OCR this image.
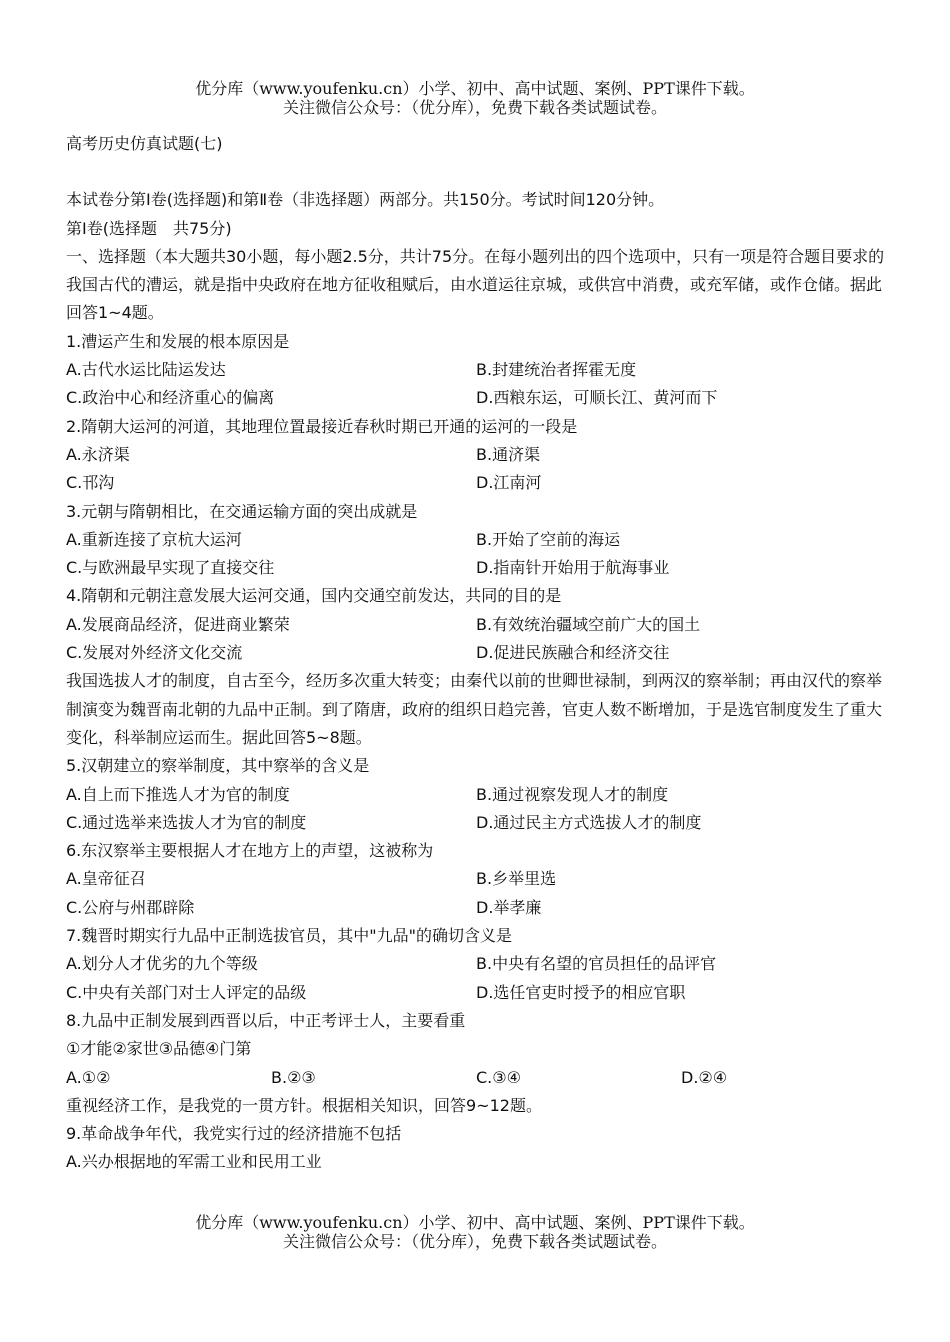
优分库（www.youfenku.cn）小学、初中、高中试题、案例、PPT课件下载。
关注微信公众号：（优分库），免费下载各类试题试卷。
高考历史仿真试题(七)
本试卷分第Ⅰ卷(选择题)和第Ⅱ卷（非选择题）两部分。共150分。考试时间120分钟。
第Ⅰ卷(选择题　共75分)
一、选择题（本大题共30小题，每小题2.5分，共计75分。在每小题列出的四个选项中，只有一项是符合题目要求的
我国古代的漕运，就是指中央政府在地方征收租赋后，由水道运往京城，或供宫中消费，或充军储，或作仓储。据此回答1~4题。
1.漕运产生和发展的根本原因是
A.古代水运比陆运发达	B.封建统治者挥霍无度
C.政治中心和经济重心的偏离	D.西粮东运，可顺长江、黄河而下
2.隋朝大运河的河道，其地理位置最接近春秋时期已开通的运河的一段是
A.永济渠	B.通济渠
C.邗沟	D.江南河
3.元朝与隋朝相比，在交通运输方面的突出成就是
A.重新连接了京杭大运河	B.开始了空前的海运
C.与欧洲最早实现了直接交往	D.指南针开始用于航海事业
4.隋朝和元朝注意发展大运河交通，国内交通空前发达，共同的目的是
A.发展商品经济，促进商业繁荣	B.有效统治疆域空前广大的国土
C.发展对外经济文化交流	D.促进民族融合和经济交往
我国选拔人才的制度，自古至今，经历多次重大转变；由秦代以前的世卿世禄制，到两汉的察举制；再由汉代的察举制演变为魏晋南北朝的九品中正制。到了隋唐，政府的组织日趋完善，官吏人数不断增加，于是选官制度发生了重大变化，科举制应运而生。据此回答5~8题。
5.汉朝建立的察举制度，其中察举的含义是
A.自上而下推选人才为官的制度	B.通过视察发现人才的制度
C.通过选举来选拔人才为官的制度	D.通过民主方式选拔人才的制度
6.东汉察举主要根据人才在地方上的声望，这被称为
A.皇帝征召	B.乡举里选
C.公府与州郡辟除	D.举孝廉
7.魏晋时期实行九品中正制选拔官员，其中"九品"的确切含义是
A.划分人才优劣的九个等级	B.中央有名望的官员担任的品评官
C.中央有关部门对士人评定的品级	D.选任官吏时授予的相应官职
8.九品中正制发展到西晋以后，中正考评士人，主要看重
①才能②家世③品德④门第
A.①②	B.②③	C.③④	D.②④
重视经济工作，是我党的一贯方针。根据相关知识，回答9~12题。
9.革命战争年代，我党实行过的经济措施不包括
A.兴办根据地的军需工业和民用工业
优分库（www.youfenku.cn）小学、初中、高中试题、案例、PPT课件下载。
关注微信公众号：（优分库），免费下载各类试题试卷。
